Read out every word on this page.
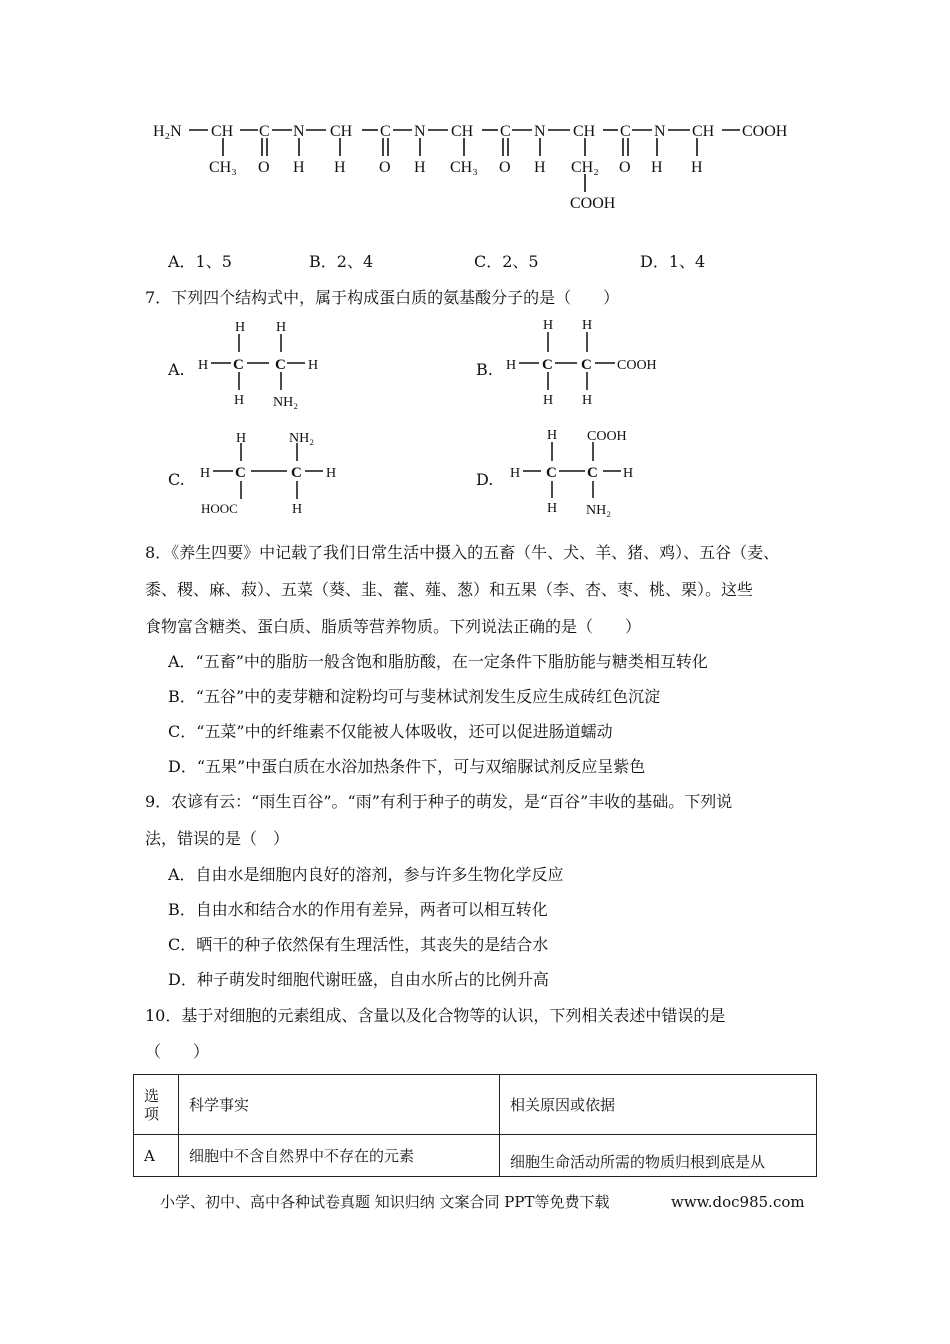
H₂N CH C N CH C N CH C N CH C N CH COOH
CH₃ O H H O H CH₃ O H CH₂ O H H
COOH
A．1、5	B．2、4	C．2、5	D．1、4
7．下列四个结构式中，属于构成蛋白质的氨基酸分子的是（　　）
A.	B.
C.	D.
H
H
C
H
H
C H
NH₂
H
H
C
H
H
C
H
COOH
H
H
C
HOOC
NH₂
C H
H
H
H
C
H
COOH
C H
NH₂
8．《养生四要》中记载了我们日常生活中摄入的五畜（牛、犬、羊、猪、鸡）、五谷（麦、
黍、稷、麻、菽）、五菜（葵、韭、藿、薤、葱）和五果（李、杏、枣、桃、栗）。这些
食物富含糖类、蛋白质、脂质等营养物质。下列说法正确的是（　　）
A．“五畜”中的脂肪一般含饱和脂肪酸，在一定条件下脂肪能与糖类相互转化
B．“五谷”中的麦芽糖和淀粉均可与斐林试剂发生反应生成砖红色沉淀
C．“五菜”中的纤维素不仅能被人体吸收，还可以促进肠道蠕动
D．“五果”中蛋白质在水浴加热条件下，可与双缩脲试剂反应呈紫色
9．农谚有云：“雨生百谷”。“雨”有利于种子的萌发，是“百谷”丰收的基础。下列说
法，错误的是（　）
A．自由水是细胞内良好的溶剂，参与许多生物化学反应
B．自由水和结合水的作用有差异，两者可以相互转化
C．晒干的种子依然保有生理活性，其丧失的是结合水
D．种子萌发时细胞代谢旺盛，自由水所占的比例升高
10．基于对细胞的元素组成、含量以及化合物等的认识，下列相关表述中错误的是
（　　）
选
项	科学事实	相关原因或依据
A	细胞中不含自然界中不存在的元素	细胞生命活动所需的物质归根到底是从
小学、初中、高中各种试卷真题 知识归纳 文案合同 PPT等免费下载	www.doc985.com
